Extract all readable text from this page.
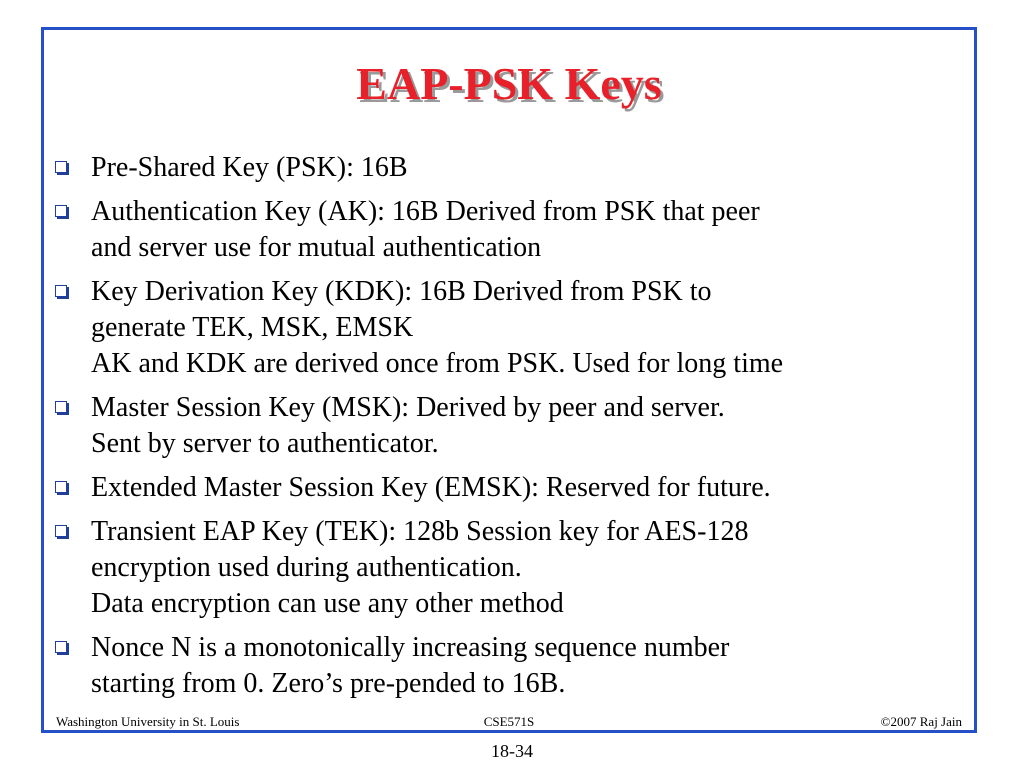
EAP-PSK Keys
Pre-Shared Key (PSK): 16B
Authentication Key (AK): 16B Derived from PSK that peer
and server use for mutual authentication
Key Derivation Key (KDK): 16B Derived from PSK to
generate TEK, MSK, EMSK
AK and KDK are derived once from PSK. Used for long time
Master Session Key (MSK): Derived by peer and server.
Sent by server to authenticator.
Extended Master Session Key (EMSK): Reserved for future.
Transient EAP Key (TEK): 128b Session key for AES-128
encryption used during authentication.
Data encryption can use any other method
Nonce N is a monotonically increasing sequence number
starting from 0. Zero’s pre-pended to 16B.
CSE571S
Washington University in St. Louis	©2007 Raj Jain
18-34
